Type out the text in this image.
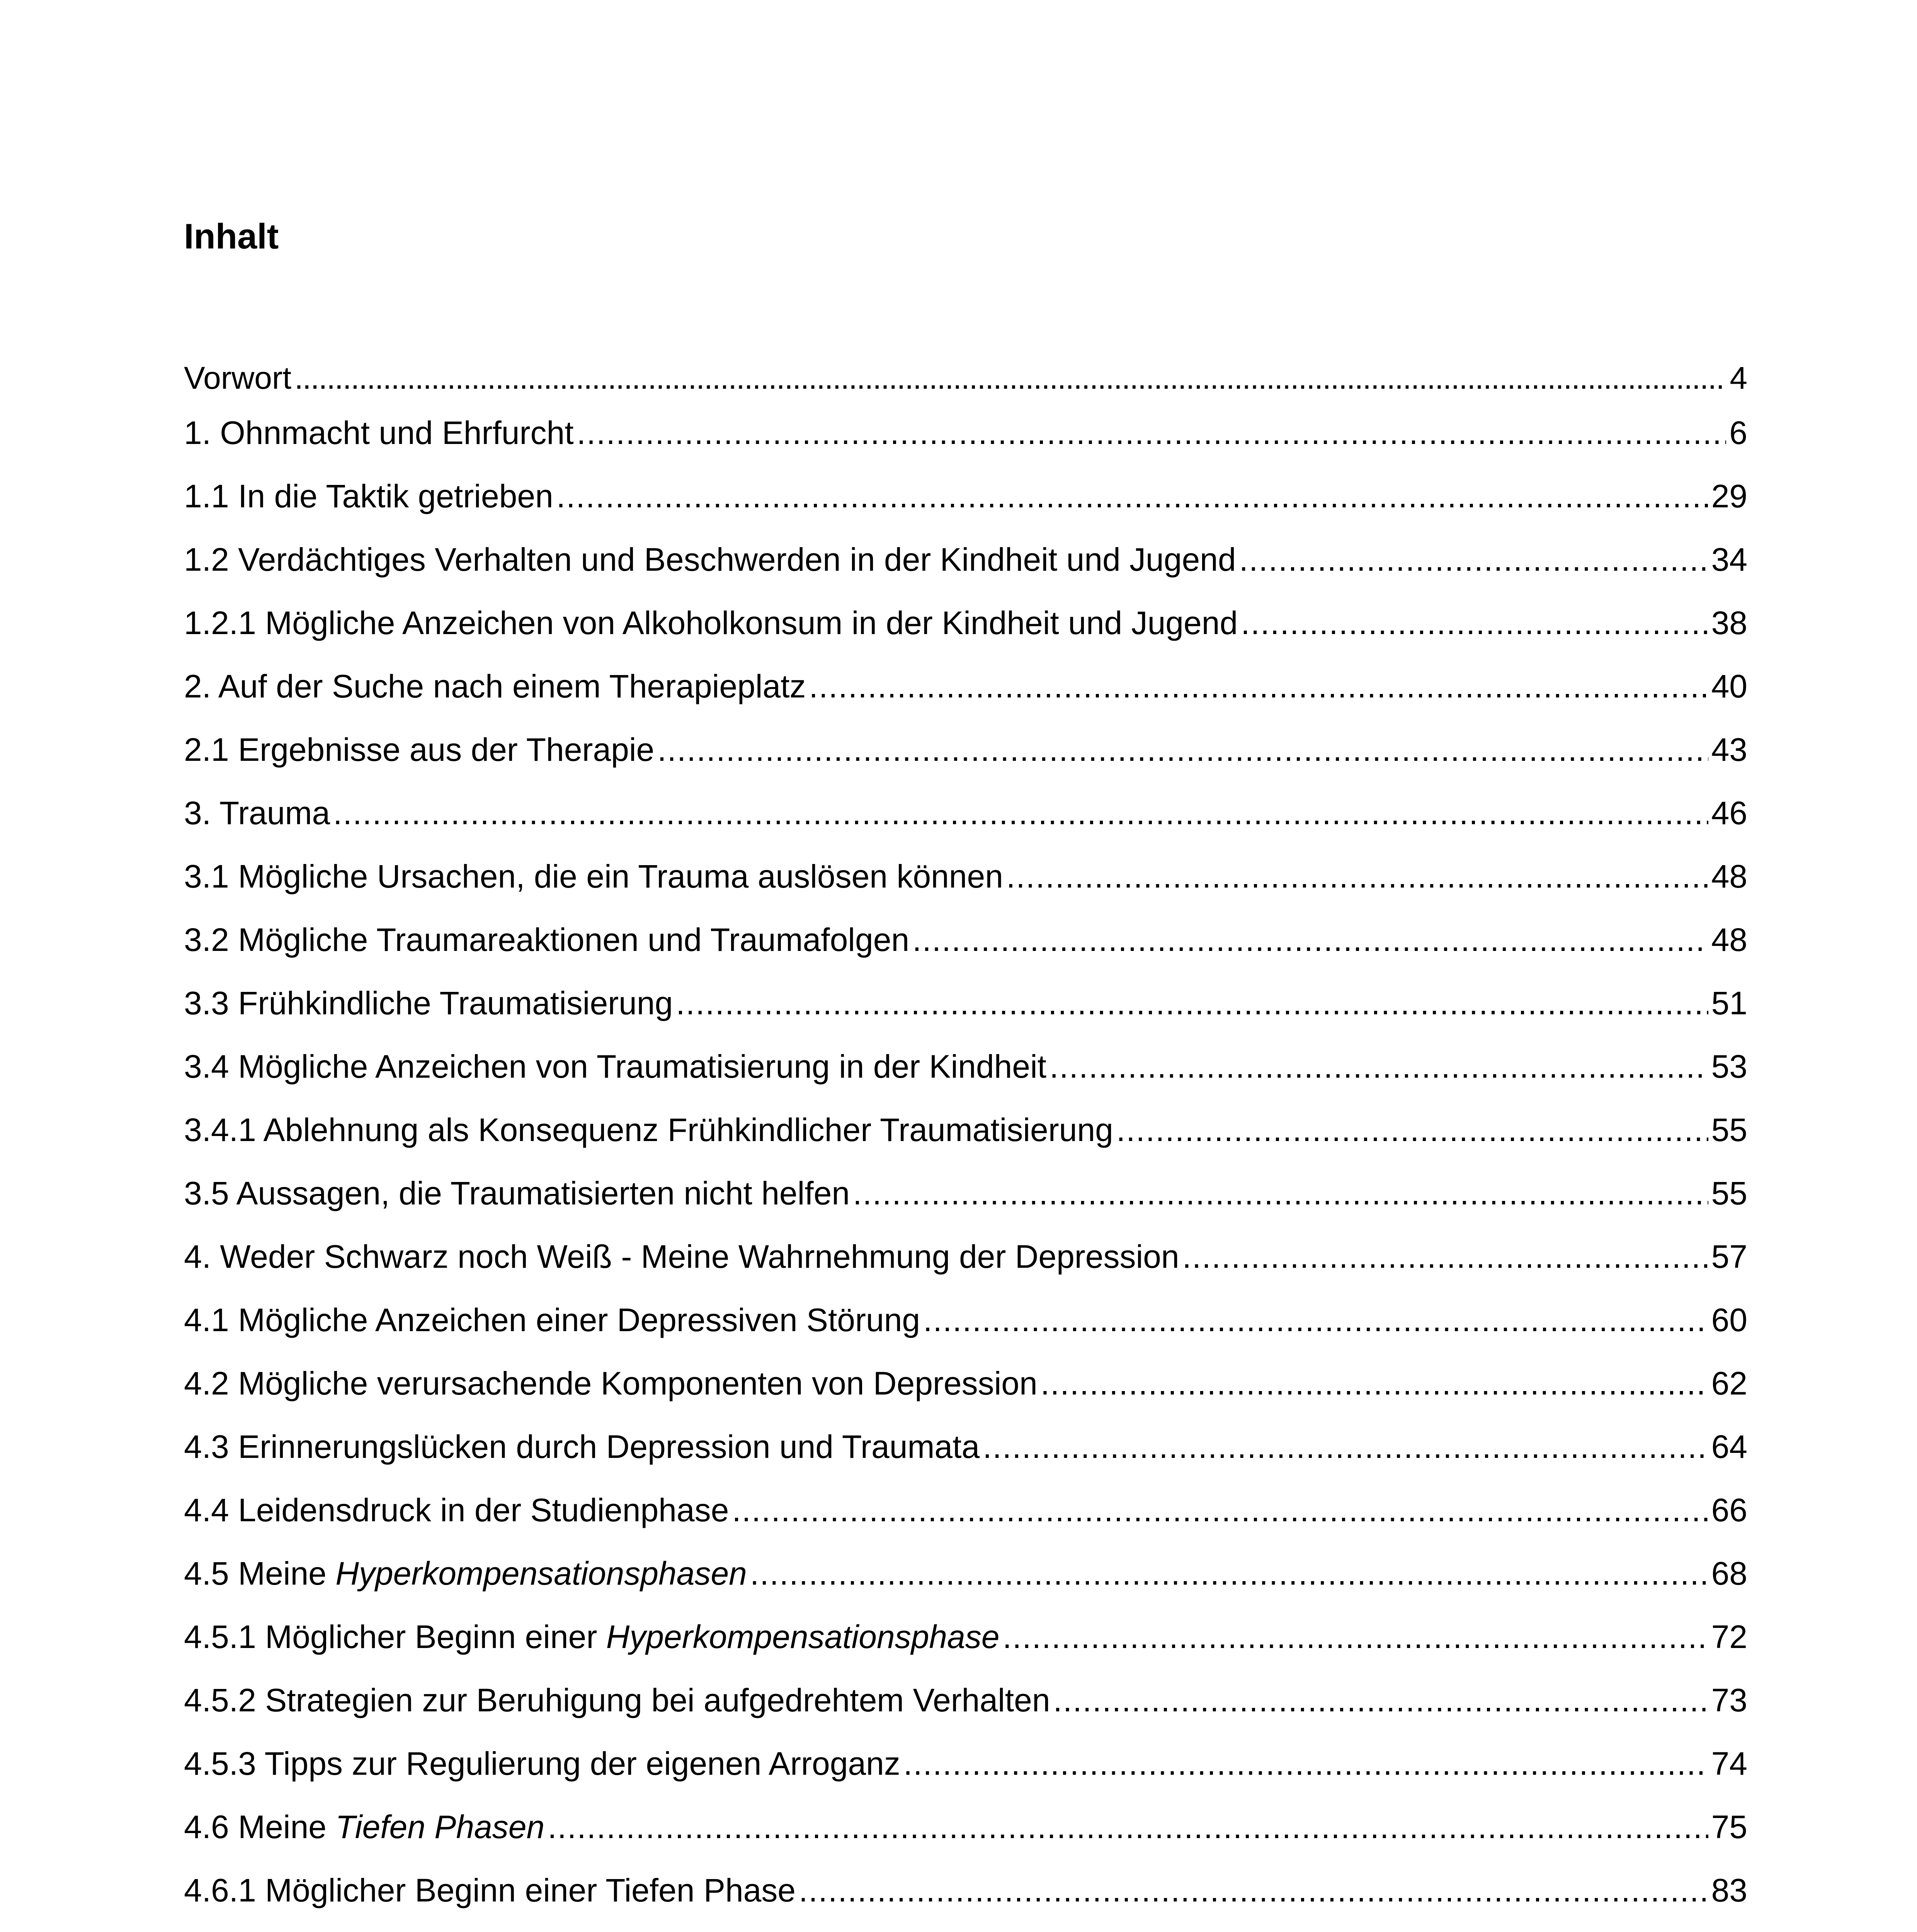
Inhalt
Vorwort .....	4
1. Ohnmacht und Ehrfurcht .....	6
1.1 In die Taktik getrieben .....	29
1.2 Verdächtiges Verhalten und Beschwerden in der Kindheit und Jugend .....	34
1.2.1 Mögliche Anzeichen von Alkoholkonsum in der Kindheit und Jugend .....	38
2. Auf der Suche nach einem Therapieplatz .....	40
2.1 Ergebnisse aus der Therapie .....	43
3. Trauma .....	46
3.1 Mögliche Ursachen, die ein Trauma auslösen können .....	48
3.2 Mögliche Traumareaktionen und Traumafolgen .....	48
3.3 Frühkindliche Traumatisierung .....	51
3.4 Mögliche Anzeichen von Traumatisierung in der Kindheit .....	53
3.4.1 Ablehnung als Konsequenz Frühkindlicher Traumatisierung .....	55
3.5 Aussagen, die Traumatisierten nicht helfen .....	55
4. Weder Schwarz noch Weiß - Meine Wahrnehmung der Depression .....	57
4.1 Mögliche Anzeichen einer Depressiven Störung .....	60
4.2 Mögliche verursachende Komponenten von Depression .....	62
4.3 Erinnerungslücken durch Depression und Traumata .....	64
4.4 Leidensdruck in der Studienphase .....	66
4.5 Meine Hyperkompensationsphasen .....	68
4.5.1 Möglicher Beginn einer Hyperkompensationsphase .....	72
4.5.2 Strategien zur Beruhigung bei aufgedrehtem Verhalten .....	73
4.5.3 Tipps zur Regulierung der eigenen Arroganz .....	74
4.6 Meine Tiefen Phasen .....	75
4.6.1 Möglicher Beginn einer Tiefen Phase .....	83
